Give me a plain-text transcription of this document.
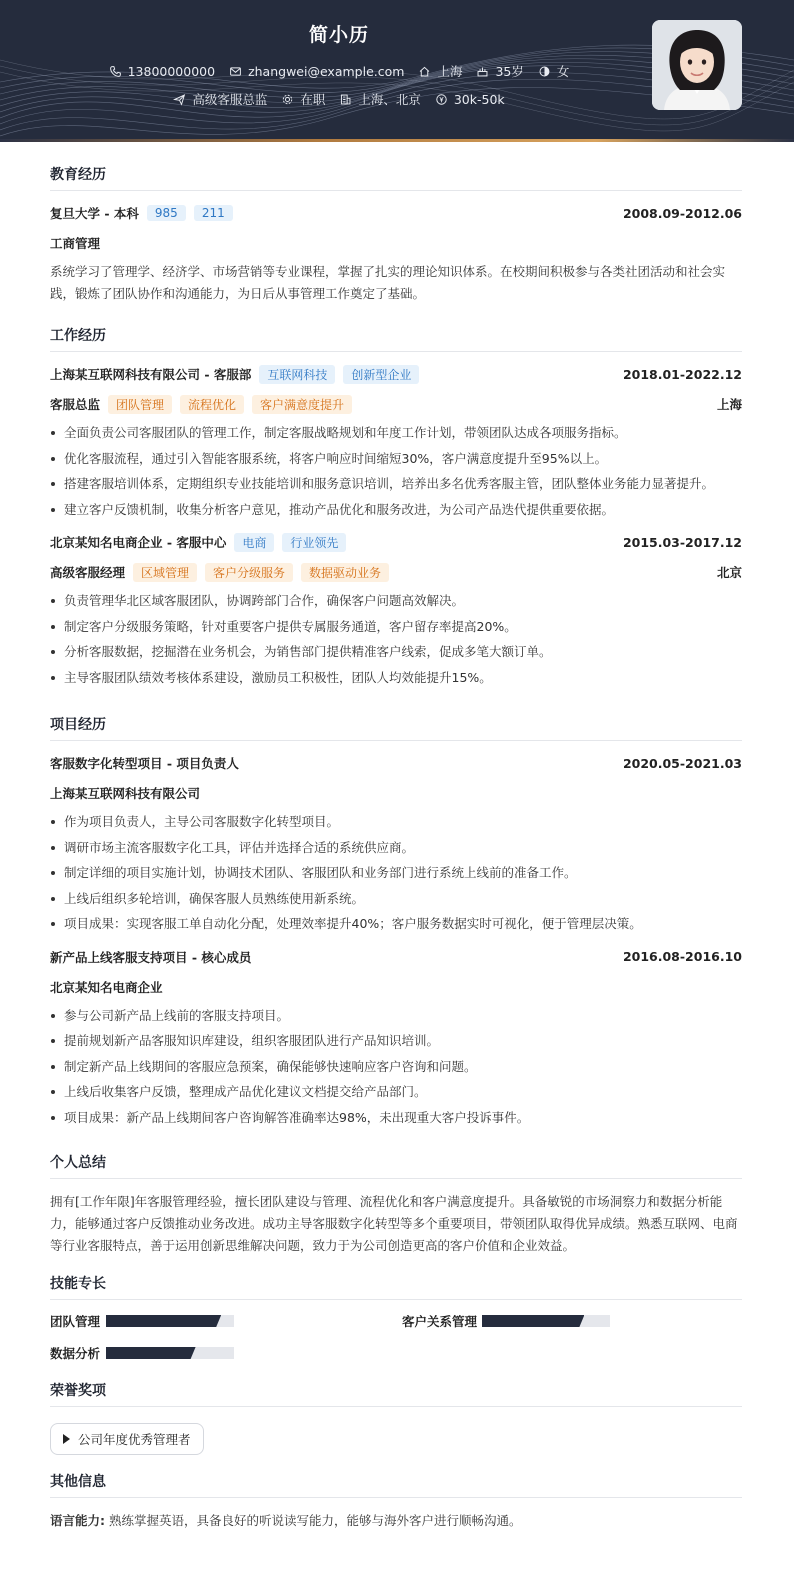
简小历
13800000000	zhangwei@example.com	上海	35岁	女
高级客服总监	在职	上海、北京	30k-50k
教育经历
复旦大学 - 本科	985	211	2008.09-2012.06
工商管理
系统学习了管理学、经济学、市场营销等专业课程，掌握了扎实的理论知识体系。在校期间积极参与各类社团活动和社会实践，锻炼了团队协作和沟通能力，为日后从事管理工作奠定了基础。
工作经历
上海某互联网科技有限公司 - 客服部	互联网科技	创新型企业	2018.01-2022.12
客服总监	团队管理	流程优化	客户满意度提升	上海
全面负责公司客服团队的管理工作，制定客服战略规划和年度工作计划，带领团队达成各项服务指标。
优化客服流程，通过引入智能客服系统，将客户响应时间缩短30%，客户满意度提升至95%以上。
搭建客服培训体系，定期组织专业技能培训和服务意识培训，培养出多名优秀客服主管，团队整体业务能力显著提升。
建立客户反馈机制，收集分析客户意见，推动产品优化和服务改进，为公司产品迭代提供重要依据。
北京某知名电商企业 - 客服中心	电商	行业领先	2015.03-2017.12
高级客服经理	区域管理	客户分级服务	数据驱动业务	北京
负责管理华北区域客服团队，协调跨部门合作，确保客户问题高效解决。
制定客户分级服务策略，针对重要客户提供专属服务通道，客户留存率提高20%。
分析客服数据，挖掘潜在业务机会，为销售部门提供精准客户线索，促成多笔大额订单。
主导客服团队绩效考核体系建设，激励员工积极性，团队人均效能提升15%。
项目经历
客服数字化转型项目 - 项目负责人	2020.05-2021.03
上海某互联网科技有限公司
作为项目负责人，主导公司客服数字化转型项目。
调研市场主流客服数字化工具，评估并选择合适的系统供应商。
制定详细的项目实施计划，协调技术团队、客服团队和业务部门进行系统上线前的准备工作。
上线后组织多轮培训，确保客服人员熟练使用新系统。
项目成果：实现客服工单自动化分配，处理效率提升40%；客户服务数据实时可视化，便于管理层决策。
新产品上线客服支持项目 - 核心成员	2016.08-2016.10
北京某知名电商企业
参与公司新产品上线前的客服支持项目。
提前规划新产品客服知识库建设，组织客服团队进行产品知识培训。
制定新产品上线期间的客服应急预案，确保能够快速响应客户咨询和问题。
上线后收集客户反馈，整理成产品优化建议文档提交给产品部门。
项目成果：新产品上线期间客户咨询解答准确率达98%，未出现重大客户投诉事件。
个人总结
拥有[工作年限]年客服管理经验，擅长团队建设与管理、流程优化和客户满意度提升。具备敏锐的市场洞察力和数据分析能力，能够通过客户反馈推动业务改进。成功主导客服数字化转型等多个重要项目，带领团队取得优异成绩。熟悉互联网、电商等行业客服特点，善于运用创新思维解决问题，致力于为公司创造更高的客户价值和企业效益。
技能专长
团队管理	客户关系管理
数据分析
荣誉奖项
公司年度优秀管理者
其他信息
语言能力: 熟练掌握英语，具备良好的听说读写能力，能够与海外客户进行顺畅沟通。
